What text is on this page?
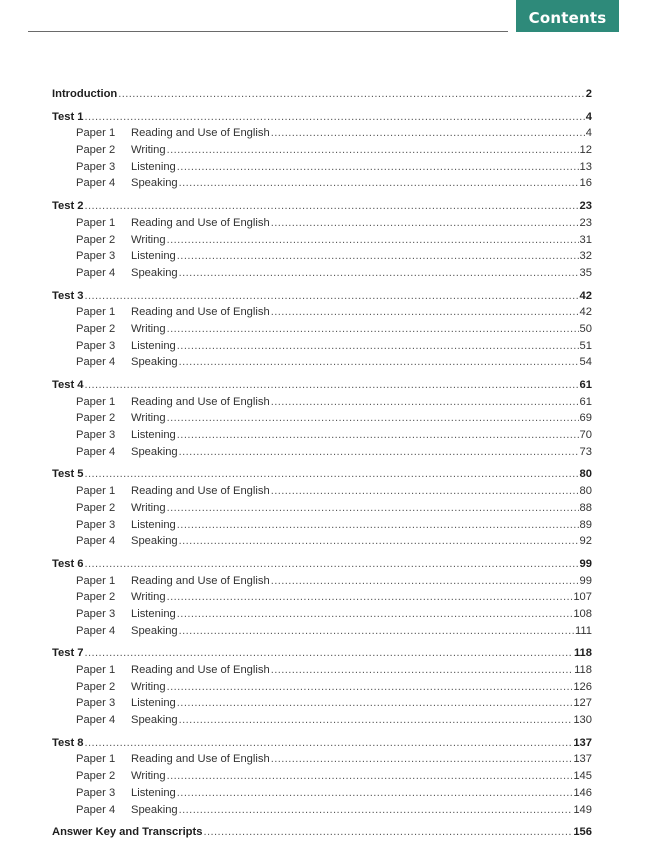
Contents
Introduction .....	2
Test 1 .....	4
Paper 1	Reading and Use of English .....	4
Paper 2	Writing .....	12
Paper 3	Listening .....	13
Paper 4	Speaking .....	16
Test 2 .....	23
Paper 1	Reading and Use of English .....	23
Paper 2	Writing .....	31
Paper 3	Listening .....	32
Paper 4	Speaking .....	35
Test 3 .....	42
Paper 1	Reading and Use of English .....	42
Paper 2	Writing .....	50
Paper 3	Listening .....	51
Paper 4	Speaking .....	54
Test 4 .....	61
Paper 1	Reading and Use of English .....	61
Paper 2	Writing .....	69
Paper 3	Listening .....	70
Paper 4	Speaking .....	73
Test 5 .....	80
Paper 1	Reading and Use of English .....	80
Paper 2	Writing .....	88
Paper 3	Listening .....	89
Paper 4	Speaking .....	92
Test 6 .....	99
Paper 1	Reading and Use of English .....	99
Paper 2	Writing .....	107
Paper 3	Listening .....	108
Paper 4	Speaking .....	111
Test 7 .....	118
Paper 1	Reading and Use of English .....	118
Paper 2	Writing .....	126
Paper 3	Listening .....	127
Paper 4	Speaking .....	130
Test 8 .....	137
Paper 1	Reading and Use of English .....	137
Paper 2	Writing .....	145
Paper 3	Listening .....	146
Paper 4	Speaking .....	149
Answer Key and Transcripts .....	156
